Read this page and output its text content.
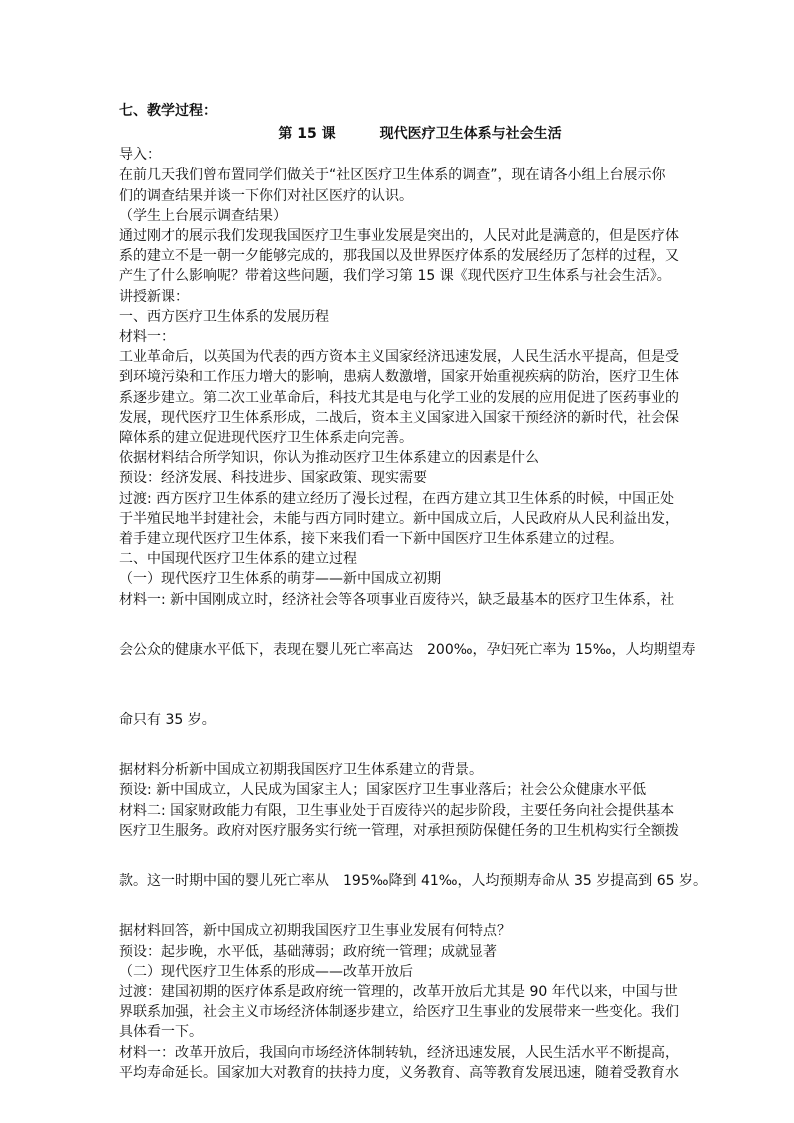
七、教学过程：

第 15 课	现代医疗卫生体系与社会生活

导入：

在前几天我们曾布置同学们做关于“社区医疗卫生体系的调查”，现在请各小组上台展示你

们的调查结果并谈一下你们对社区医疗的认识。

（学生上台展示调查结果）

通过刚才的展示我们发现我国医疗卫生事业发展是突出的，人民对此是满意的，但是医疗体

系的建立不是一朝一夕能够完成的，那我国以及世界医疗体系的发展经历了怎样的过程，又

产生了什么影响呢？带着这些问题，我们学习第 15 课《现代医疗卫生体系与社会生活》。

讲授新课：

一、西方医疗卫生体系的发展历程

材料一：

工业革命后，以英国为代表的西方资本主义国家经济迅速发展，人民生活水平提高，但是受

到环境污染和工作压力增大的影响，患病人数激增，国家开始重视疾病的防治，医疗卫生体

系逐步建立。第二次工业革命后，科技尤其是电与化学工业的发展的应用促进了医药事业的

发展，现代医疗卫生体系形成，二战后，资本主义国家进入国家干预经济的新时代，社会保

障体系的建立促进现代医疗卫生体系走向完善。

依据材料结合所学知识，你认为推动医疗卫生体系建立的因素是什么

预设：经济发展、科技进步、国家政策、现实需要

过渡: 西方医疗卫生体系的建立经历了漫长过程，在西方建立其卫生体系的时候，中国正处

于半殖民地半封建社会，未能与西方同时建立。新中国成立后，人民政府从人民利益出发，

着手建立现代医疗卫生体系，接下来我们看一下新中国医疗卫生体系建立的过程。

二、中国现代医疗卫生体系的建立过程

（一）现代医疗卫生体系的萌芽——新中国成立初期

材料一: 新中国刚成立时，经济社会等各项事业百废待兴，缺乏最基本的医疗卫生体系，社

会公众的健康水平低下，表现在婴儿死亡率高达　200‰，孕妇死亡率为 15‰，人均期望寿

命只有 35 岁。

据材料分析新中国成立初期我国医疗卫生体系建立的背景。

预设: 新中国成立，人民成为国家主人；国家医疗卫生事业落后；社会公众健康水平低

材料二: 国家财政能力有限，卫生事业处于百废待兴的起步阶段，主要任务向社会提供基本

医疗卫生服务。政府对医疗服务实行统一管理，对承担预防保健任务的卫生机构实行全额拨

款。这一时期中国的婴儿死亡率从　195‰降到 41‰，人均预期寿命从 35 岁提高到 65 岁。

据材料回答，新中国成立初期我国医疗卫生事业发展有何特点？

预设：起步晚，水平低，基础薄弱；政府统一管理；成就显著

（二）现代医疗卫生体系的形成——改革开放后

过渡：建国初期的医疗体系是政府统一管理的，改革开放后尤其是 90 年代以来，中国与世

界联系加强，社会主义市场经济体制逐步建立，给医疗卫生事业的发展带来一些变化。我们

具体看一下。

材料一：改革开放后，我国向市场经济体制转轨，经济迅速发展，人民生活水平不断提高，

平均寿命延长。国家加大对教育的扶持力度，义务教育、高等教育发展迅速，随着受教育水
